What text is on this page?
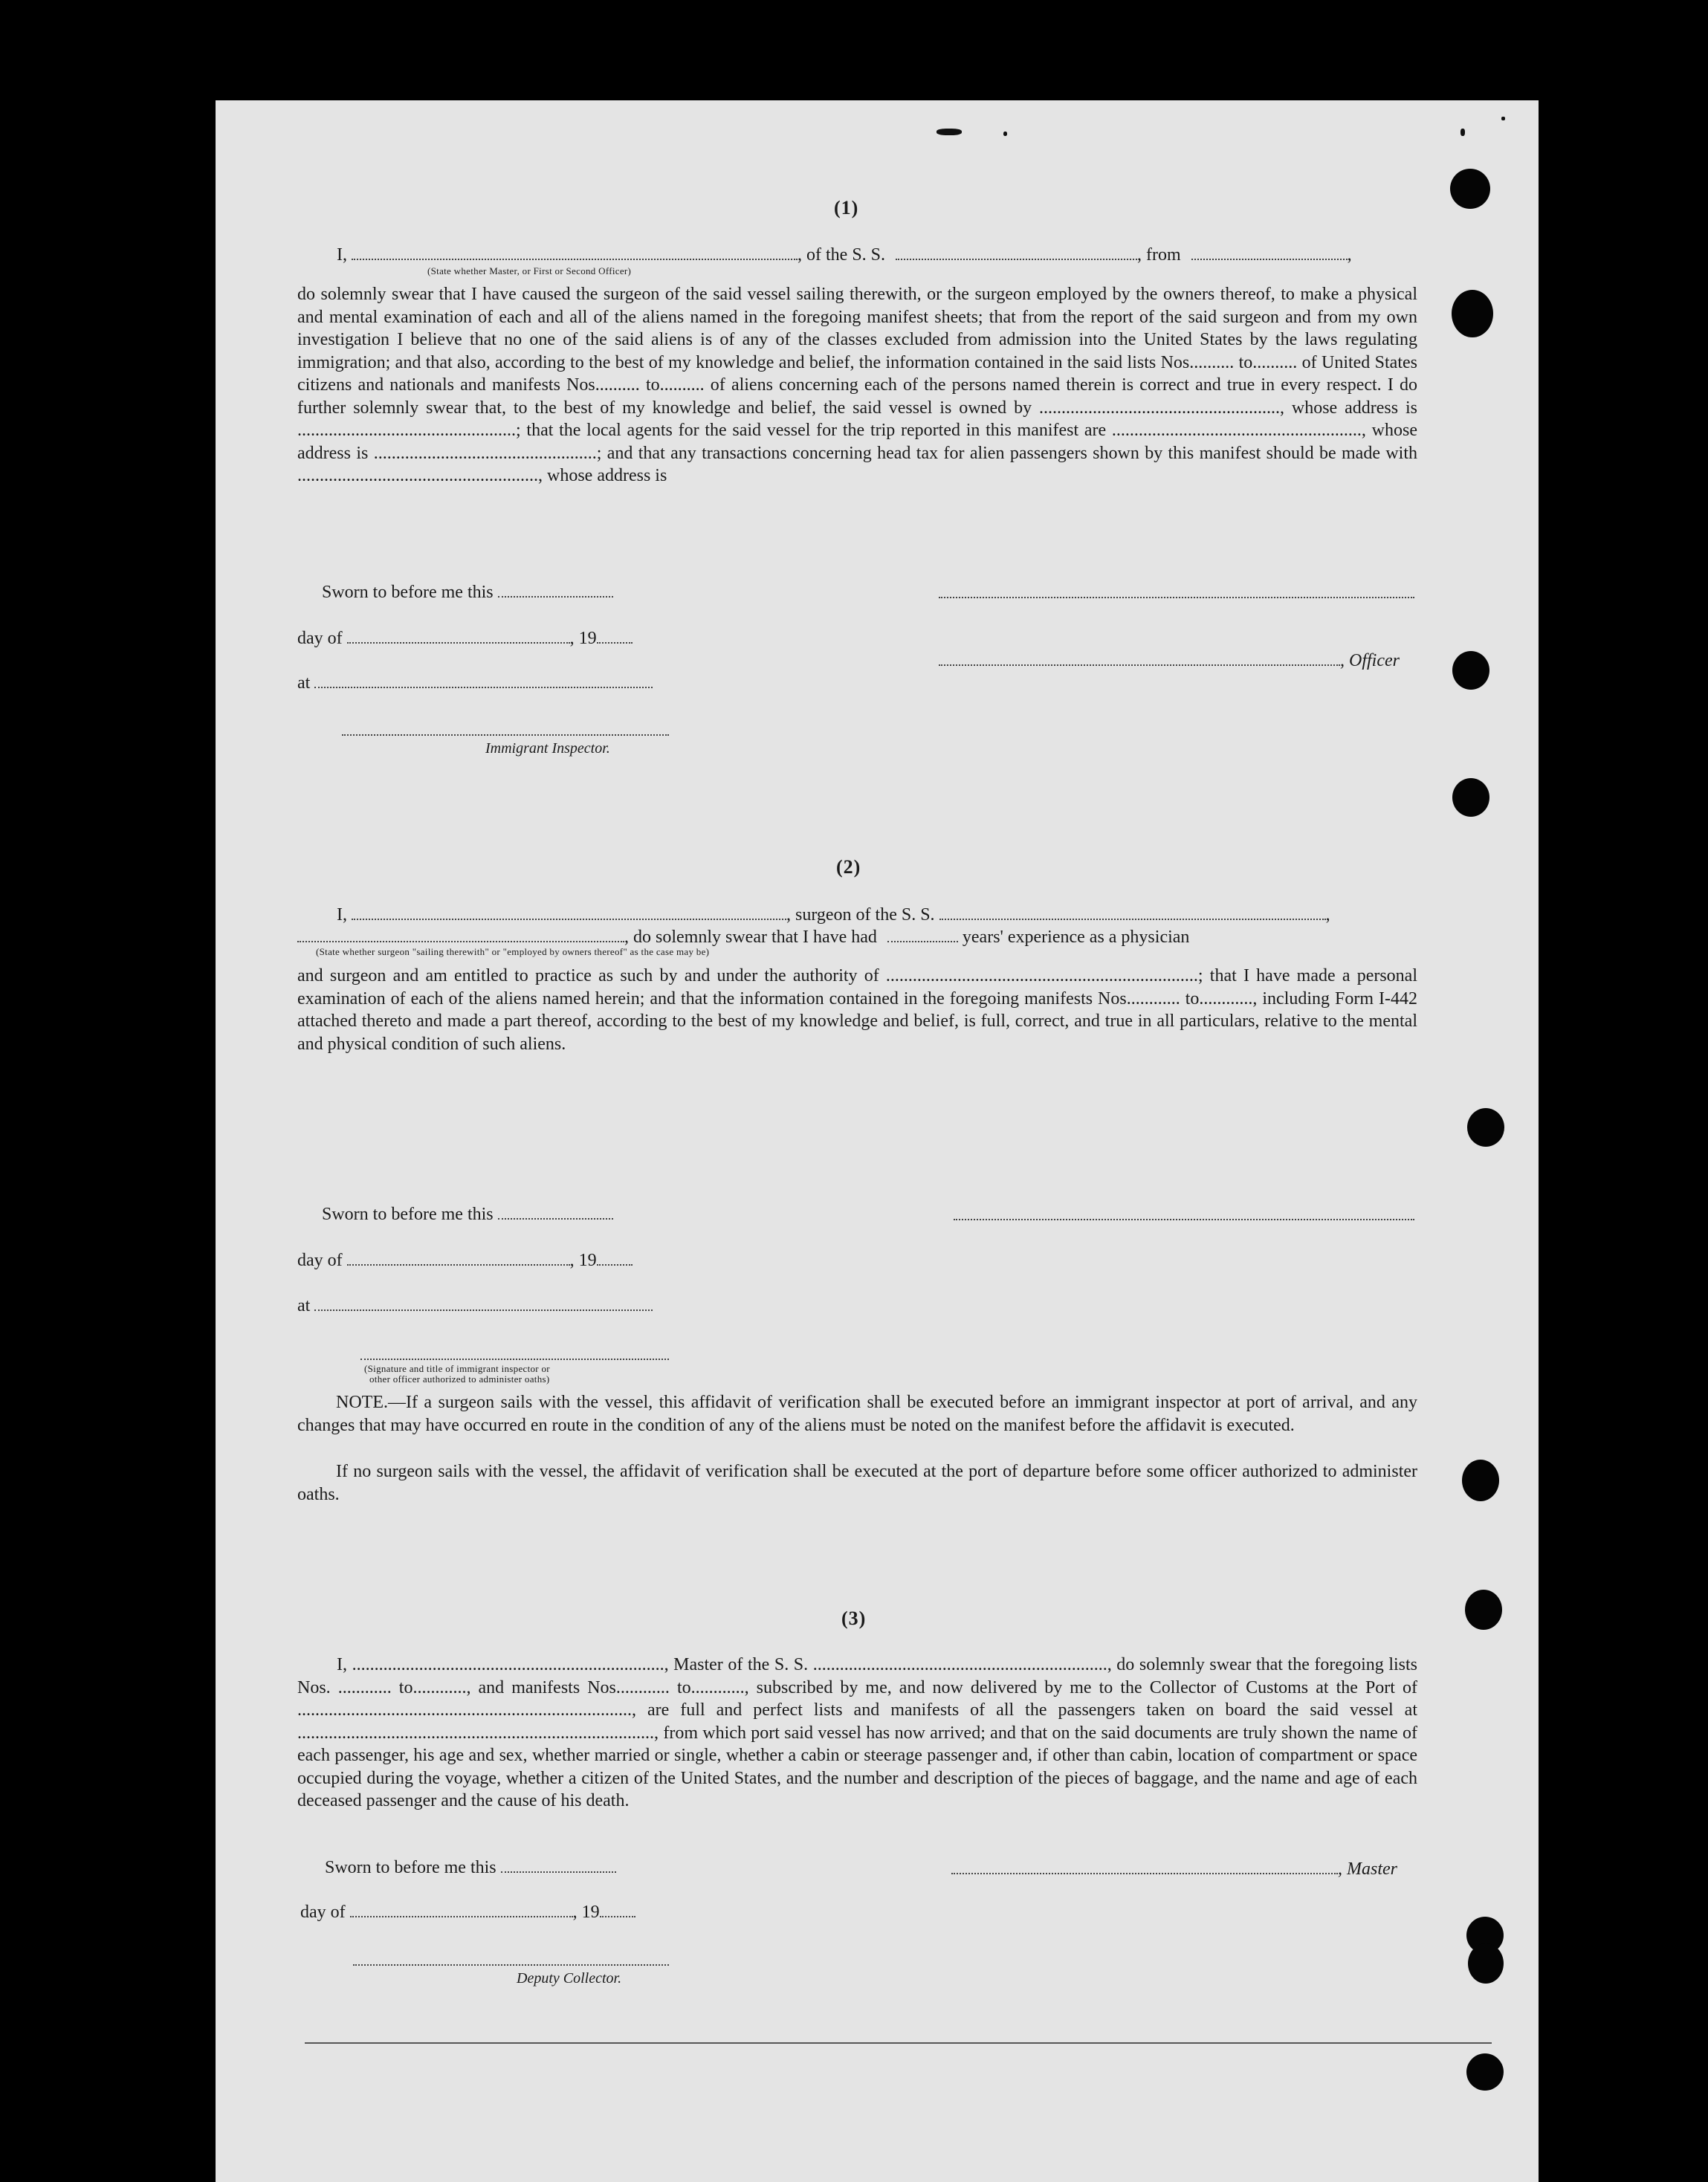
(1)
I,	, of the S. S.	, from	,
(State whether Master, or First or Second Officer)
do solemnly swear that I have caused the surgeon of the said vessel sailing therewith, or the surgeon employed by the owners thereof, to make a physical and mental examination of each and all of the aliens named in the foregoing manifest sheets; that from the report of the said surgeon and from my own investigation I believe that no one of the said aliens is of any of the classes excluded from admission into the United States by the laws regulating immigration; and that also, according to the best of my knowledge and belief, the information contained in the said lists Nos.......... to.......... of United States citizens and nationals and manifests Nos.......... to.......... of aliens concerning each of the persons named therein is correct and true in every respect. I do further solemnly swear that, to the best of my knowledge and belief, the said vessel is owned by ......................................................, whose address is .................................................; that the local agents for the said vessel for the trip reported in this manifest are ........................................................, whose address is ..................................................; and that any transactions concerning head tax for alien passengers shown by this manifest should be made with ......................................................, whose address is
Sworn to before me this
day of	, 19
at
Immigrant Inspector.
, Officer
(2)
I,	, surgeon of the S. S.	,
, do solemnly swear that I have had	years' experience as a physician
(State whether surgeon "sailing therewith" or "employed by owners thereof" as the case may be)
and surgeon and am entitled to practice as such by and under the authority of ......................................................................; that I have made a personal examination of each of the aliens named herein; and that the information contained in the foregoing manifests Nos............ to............, including Form I-442 attached thereto and made a part thereof, according to the best of my knowledge and belief, is full, correct, and true in all particulars, relative to the mental and physical condition of such aliens.
Sworn to before me this
day of	, 19
at
(Signature and title of immigrant inspector or
other officer authorized to administer oaths)
NOTE.—If a surgeon sails with the vessel, this affidavit of verification shall be executed before an immigrant inspector at port of arrival, and any changes that may have occurred en route in the condition of any of the aliens must be noted on the manifest before the affidavit is executed.
If no surgeon sails with the vessel, the affidavit of verification shall be executed at the port of departure before some officer authorized to administer oaths.
(3)
I, ......................................................................, Master of the S. S. .................................................................., do solemnly swear that the foregoing lists Nos. ............ to............, and manifests Nos............ to............, subscribed by me, and now delivered by me to the Collector of Customs at the Port of ..........................................................................., are full and perfect lists and manifests of all the passengers taken on board the said vessel at ................................................................................, from which port said vessel has now arrived; and that on the said documents are truly shown the name of each passenger, his age and sex, whether married or single, whether a cabin or steerage passenger and, if other than cabin, location of compartment or space occupied during the voyage, whether a citizen of the United States, and the number and description of the pieces of baggage, and the name and age of each deceased passenger and the cause of his death.
Sworn to before me this	, Master
day of	, 19
Deputy Collector.
